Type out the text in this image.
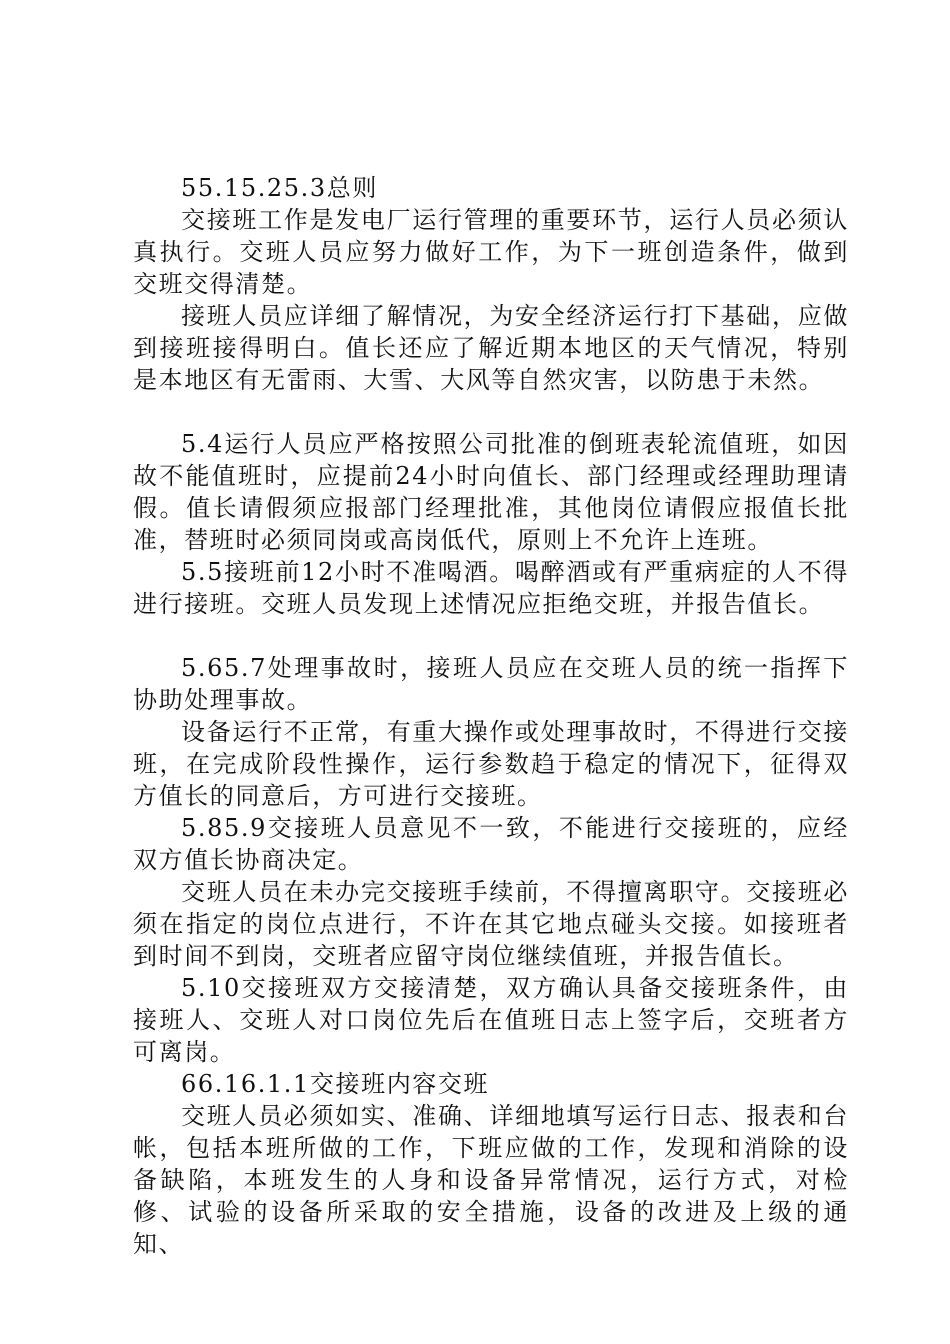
55.15.25.3总则

交接班工作是发电厂运行管理的重要环节，运行人员必须认真执行。交班人员应努力做好工作，为下一班创造条件，做到交班交得清楚。

接班人员应详细了解情况，为安全经济运行打下基础，应做到接班接得明白。值长还应了解近期本地区的天气情况，特别是本地区有无雷雨、大雪、大风等自然灾害，以防患于未然。

5.4运行人员应严格按照公司批准的倒班表轮流值班，如因故不能值班时，应提前24小时向值长、部门经理或经理助理请假。值长请假须应报部门经理批准，其他岗位请假应报值长批准，替班时必须同岗或高岗低代，原则上不允许上连班。

5.5接班前12小时不准喝酒。喝醉酒或有严重病症的人不得进行接班。交班人员发现上述情况应拒绝交班，并报告值长。

5.65.7处理事故时，接班人员应在交班人员的统一指挥下协助处理事故。

设备运行不正常，有重大操作或处理事故时，不得进行交接班，在完成阶段性操作，运行参数趋于稳定的情况下，征得双方值长的同意后，方可进行交接班。

5.85.9交接班人员意见不一致，不能进行交接班的，应经双方值长协商决定。

交班人员在未办完交接班手续前，不得擅离职守。交接班必须在指定的岗位点进行，不许在其它地点碰头交接。如接班者到时间不到岗，交班者应留守岗位继续值班，并报告值长。

5.10交接班双方交接清楚，双方确认具备交接班条件，由接班人、交班人对口岗位先后在值班日志上签字后，交班者方可离岗。

66.16.1.1交接班内容交班

交班人员必须如实、准确、详细地填写运行日志、报表和台帐，包括本班所做的工作，下班应做的工作，发现和消除的设备缺陷，本班发生的人身和设备异常情况，运行方式，对检修、试验的设备所采取的安全措施，设备的改进及上级的通知、
